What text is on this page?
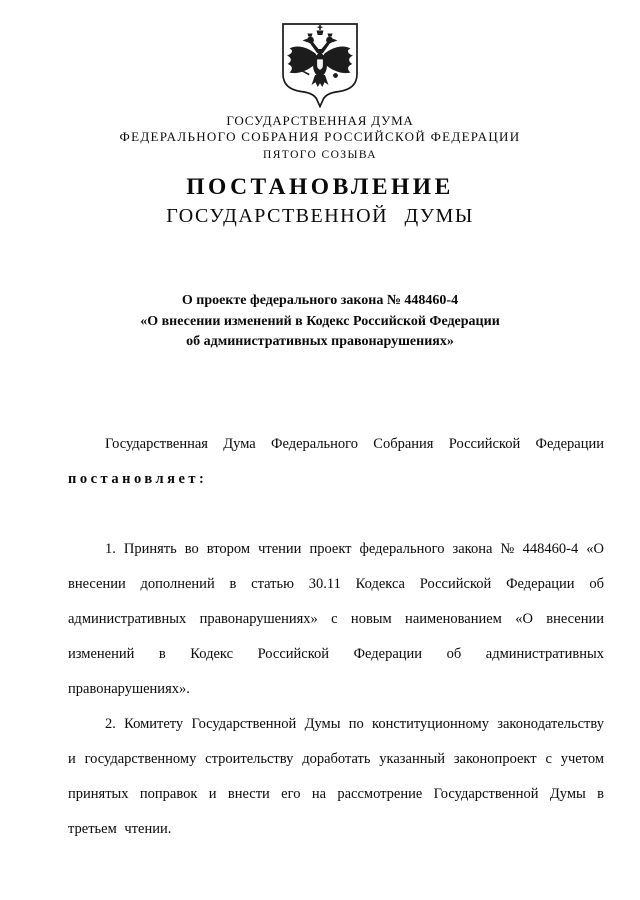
ГОСУДАРСТВЕННАЯ ДУМА
ФЕДЕРАЛЬНОГО СОБРАНИЯ РОССИЙСКОЙ ФЕДЕРАЦИИ
ПЯТОГО СОЗЫВА
ПОСТАНОВЛЕНИЕ
ГОСУДАРСТВЕННОЙ ДУМЫ
О проекте федерального закона № 448460-4
«О внесении изменений в Кодекс Российской Федерации
об административных правонарушениях»

Государственная Дума Федерального Собрания Российской Федерации постановляет:

1. Принять во втором чтении проект федерального закона № 448460-4 «О внесении дополнений в статью 30.11 Кодекса Российской Федерации об административных правонарушениях» с новым наименованием «О внесении изменений в Кодекс Российской Федерации об административных правонарушениях».

2. Комитету Государственной Думы по конституционному законодательству и государственному строительству доработать указанный законопроект с учетом принятых поправок и внести его на рассмотрение Государственной Думы в третьем чтении.
